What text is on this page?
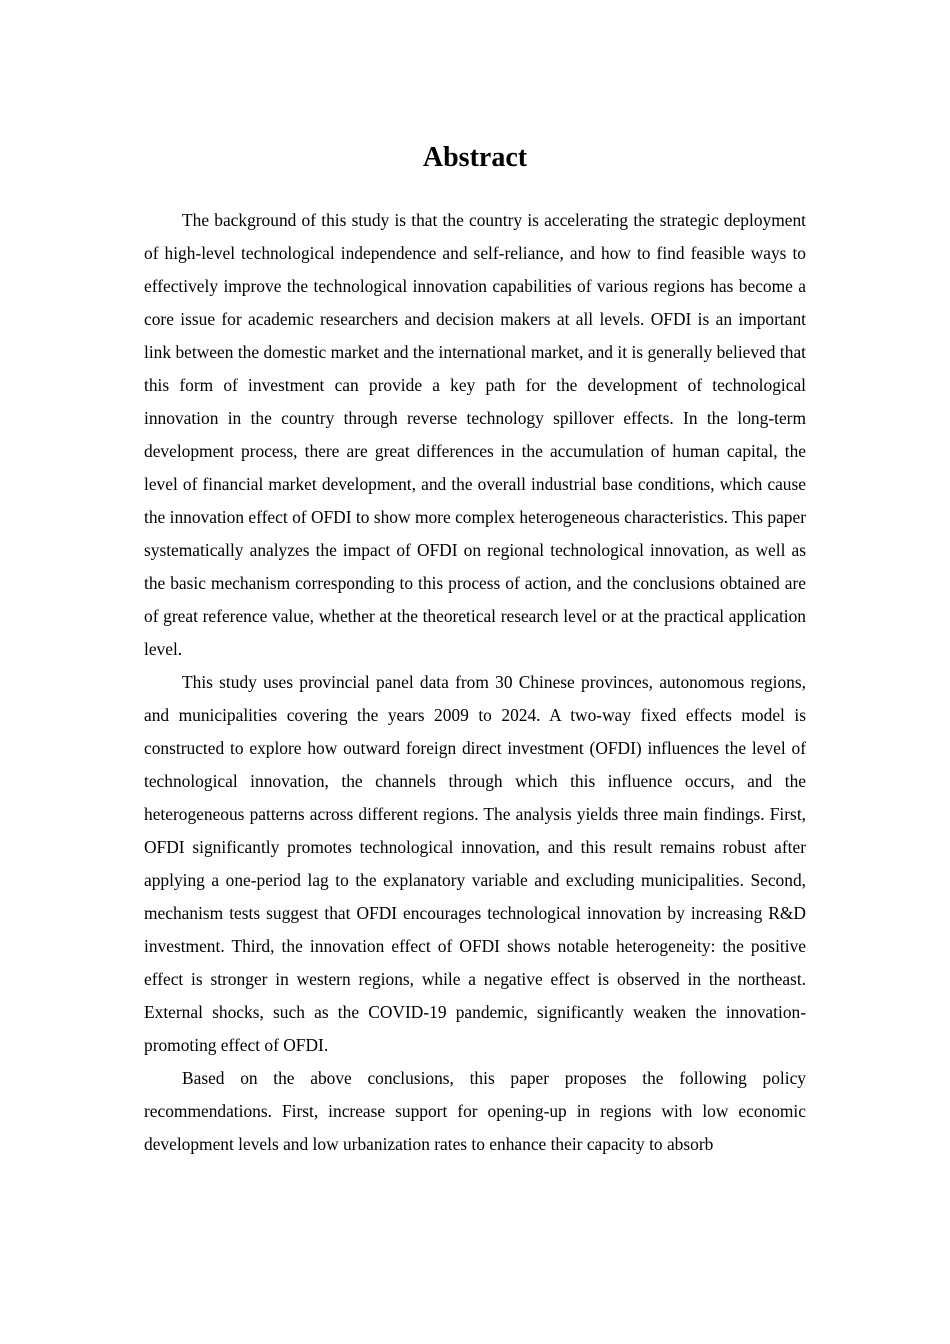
Abstract

The background of this study is that the country is accelerating the strategic deployment of high-level technological independence and self-reliance, and how to find feasible ways to effectively improve the technological innovation capabilities of various regions has become a core issue for academic researchers and decision makers at all levels. OFDI is an important link between the domestic market and the international market, and it is generally believed that this form of investment can provide a key path for the development of technological innovation in the country through reverse technology spillover effects. In the long-term development process, there are great differences in the accumulation of human capital, the level of financial market development, and the overall industrial base conditions, which cause the innovation effect of OFDI to show more complex heterogeneous characteristics. This paper systematically analyzes the impact of OFDI on regional technological innovation, as well as the basic mechanism corresponding to this process of action, and the conclusions obtained are of great reference value, whether at the theoretical research level or at the practical application level.

This study uses provincial panel data from 30 Chinese provinces, autonomous regions, and municipalities covering the years 2009 to 2024. A two-way fixed effects model is constructed to explore how outward foreign direct investment (OFDI) influences the level of technological innovation, the channels through which this influence occurs, and the heterogeneous patterns across different regions. The analysis yields three main findings. First, OFDI significantly promotes technological innovation, and this result remains robust after applying a one-period lag to the explanatory variable and excluding municipalities. Second, mechanism tests suggest that OFDI encourages technological innovation by increasing R&D investment. Third, the innovation effect of OFDI shows notable heterogeneity: the positive effect is stronger in western regions, while a negative effect is observed in the northeast. External shocks, such as the COVID-19 pandemic, significantly weaken the innovation-promoting effect of OFDI.

Based on the above conclusions, this paper proposes the following policy recommendations. First, increase support for opening-up in regions with low economic development levels and low urbanization rates to enhance their capacity to absorb
